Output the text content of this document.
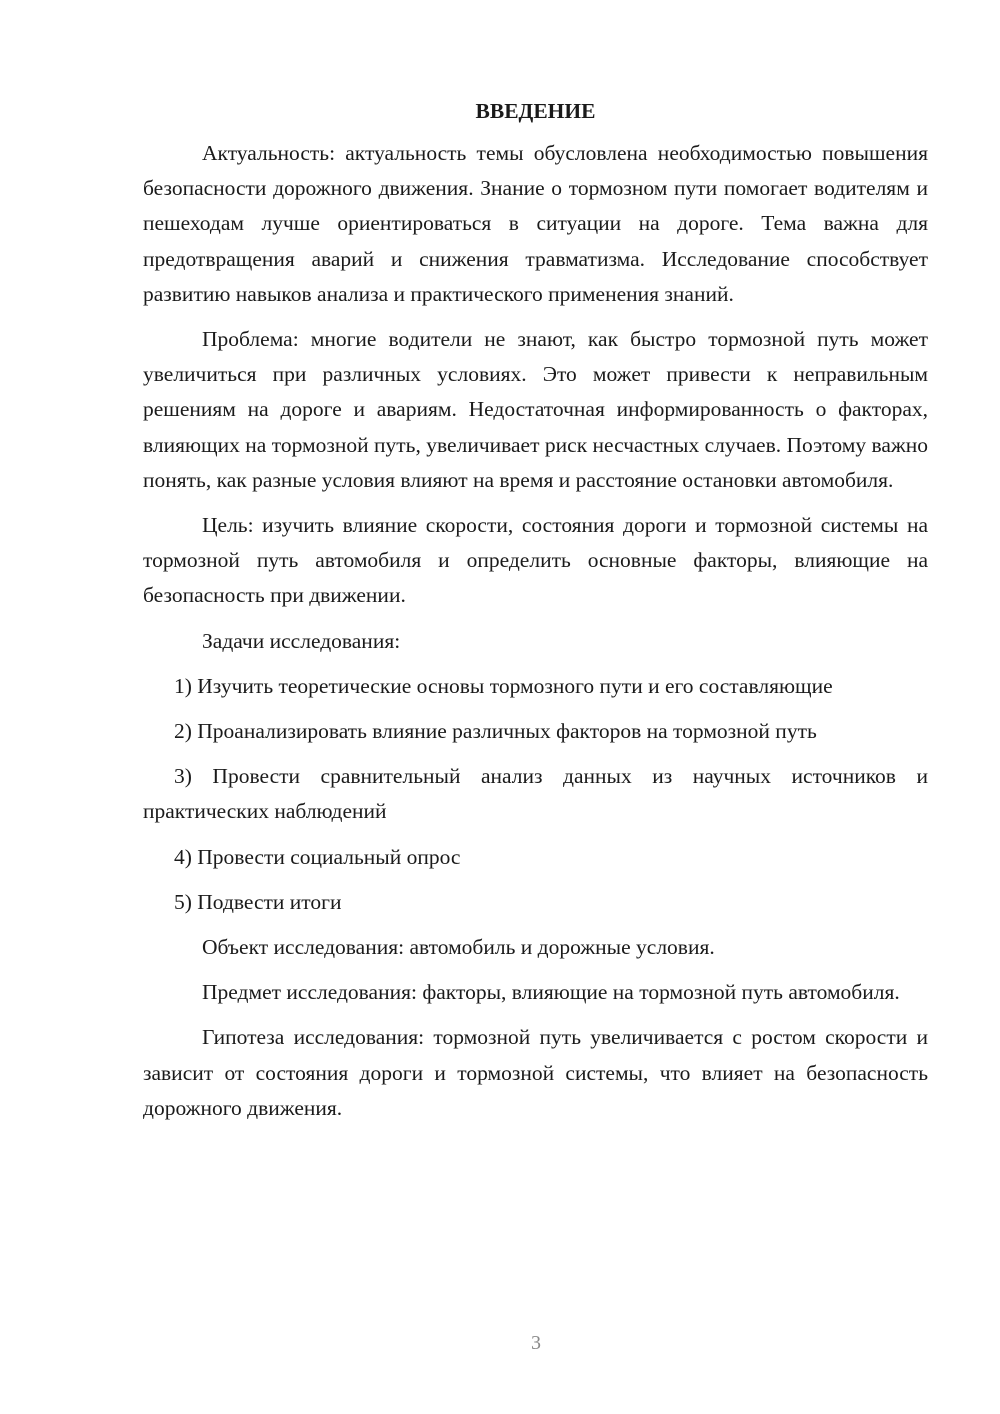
ВВЕДЕНИЕ

Актуальность: актуальность темы обусловлена необходимостью повышения безопасности дорожного движения. Знание о тормозном пути помогает водителям и пешеходам лучше ориентироваться в ситуации на дороге. Тема важна для предотвращения аварий и снижения травматизма. Исследование способствует развитию навыков анализа и практического применения знаний.

Проблема: многие водители не знают, как быстро тормозной путь может увеличиться при различных условиях. Это может привести к неправильным решениям на дороге и авариям. Недостаточная информированность о факторах, влияющих на тормозной путь, увеличивает риск несчастных случаев. Поэтому важно понять, как разные условия влияют на время и расстояние остановки автомобиля.

Цель: изучить влияние скорости, состояния дороги и тормозной системы на тормозной путь автомобиля и определить основные факторы, влияющие на безопасность при движении.

Задачи исследования:

1) Изучить теоретические основы тормозного пути и его составляющие

2) Проанализировать влияние различных факторов на тормозной путь

3) Провести сравнительный анализ данных из научных источников и практических наблюдений

4) Провести социальный опрос

5) Подвести итоги

Объект исследования: автомобиль и дорожные условия.

Предмет исследования: факторы, влияющие на тормозной путь автомобиля.

Гипотеза исследования: тормозной путь увеличивается с ростом скорости и зависит от состояния дороги и тормозной системы, что влияет на безопасность дорожного движения.

3
